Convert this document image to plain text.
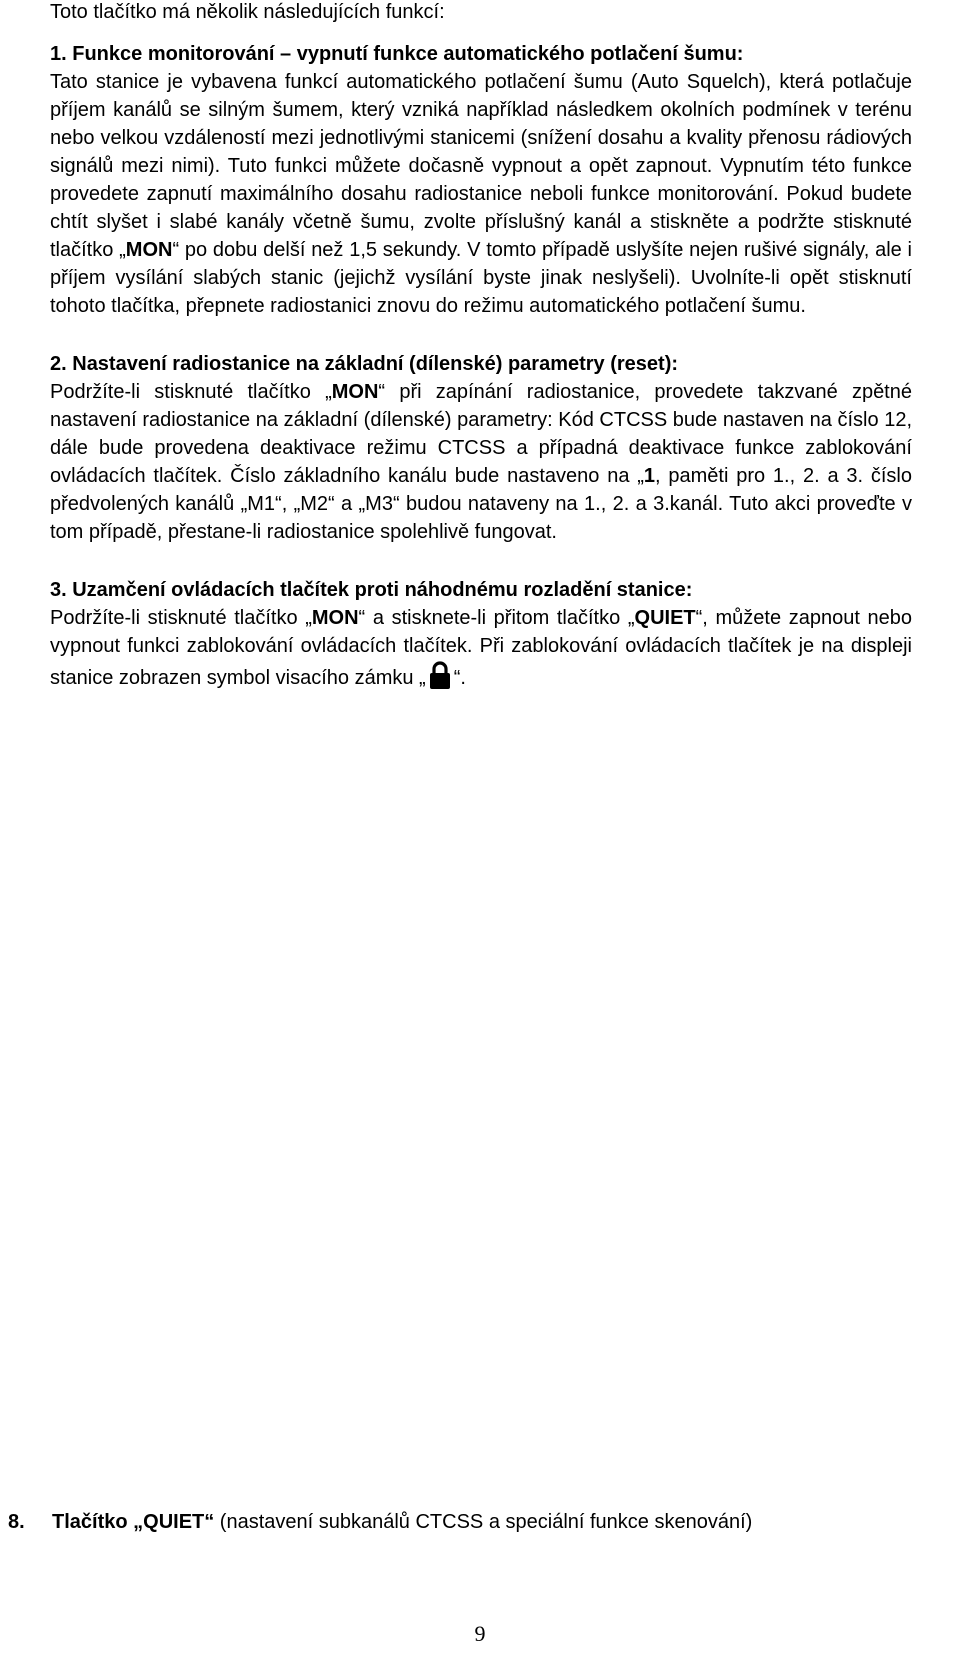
Toto tlačítko má několik následujících funkcí:

1. Funkce monitorování – vypnutí funkce automatického potlačení šumu:
Tato stanice je vybavena funkcí automatického potlačení šumu (Auto Squelch), která potlačuje příjem kanálů se silným šumem, který vzniká například následkem okolních podmínek v terénu nebo velkou vzdáleností mezi jednotlivými stanicemi (snížení dosahu a kvality přenosu rádiových signálů mezi nimi). Tuto funkci můžete dočasně vypnout a opět zapnout. Vypnutím této funkce provedete zapnutí maximálního dosahu radiostanice neboli funkce monitorování. Pokud budete chtít slyšet i slabé kanály včetně šumu, zvolte příslušný kanál a stiskněte a podržte stisknuté tlačítko „MON“ po dobu delší než 1,5 sekundy. V tomto případě uslyšíte nejen rušivé signály, ale i příjem vysílání slabých stanic (jejichž vysílání byste jinak neslyšeli). Uvolníte-li opět stisknutí tohoto tlačítka, přepnete radiostanici znovu do režimu automatického potlačení šumu.

2. Nastavení radiostanice na základní (dílenské) parametry (reset):
Podržíte-li stisknuté tlačítko „MON“ při zapínání radiostanice, provedete takzvané zpětné nastavení radiostanice na základní (dílenské) parametry: Kód CTCSS bude nastaven na číslo 12, dále bude provedena deaktivace režimu CTCSS a případná deaktivace funkce zablokování ovládacích tlačítek. Číslo základního kanálu bude nastaveno na „1, paměti pro 1., 2. a 3. číslo předvolených kanálů „M1“, „M2“ a „M3“ budou nataveny na 1., 2. a 3.kanál. Tuto akci proveďte v tom případě, přestane-li radiostanice spolehlivě fungovat.

3. Uzamčení ovládacích tlačítek proti náhodnému rozladění stanice:
Podržíte-li stisknuté tlačítko „MON“ a stisknete-li přitom tlačítko „QUIET“, můžete zapnout nebo vypnout funkci zablokování ovládacích tlačítek. Při zablokování ovládacích tlačítek je na displeji stanice zobrazen symbol visacího zámku „ “.

8. Tlačítko „QUIET“ (nastavení subkanálů CTCSS a speciální funkce skenování)
9
